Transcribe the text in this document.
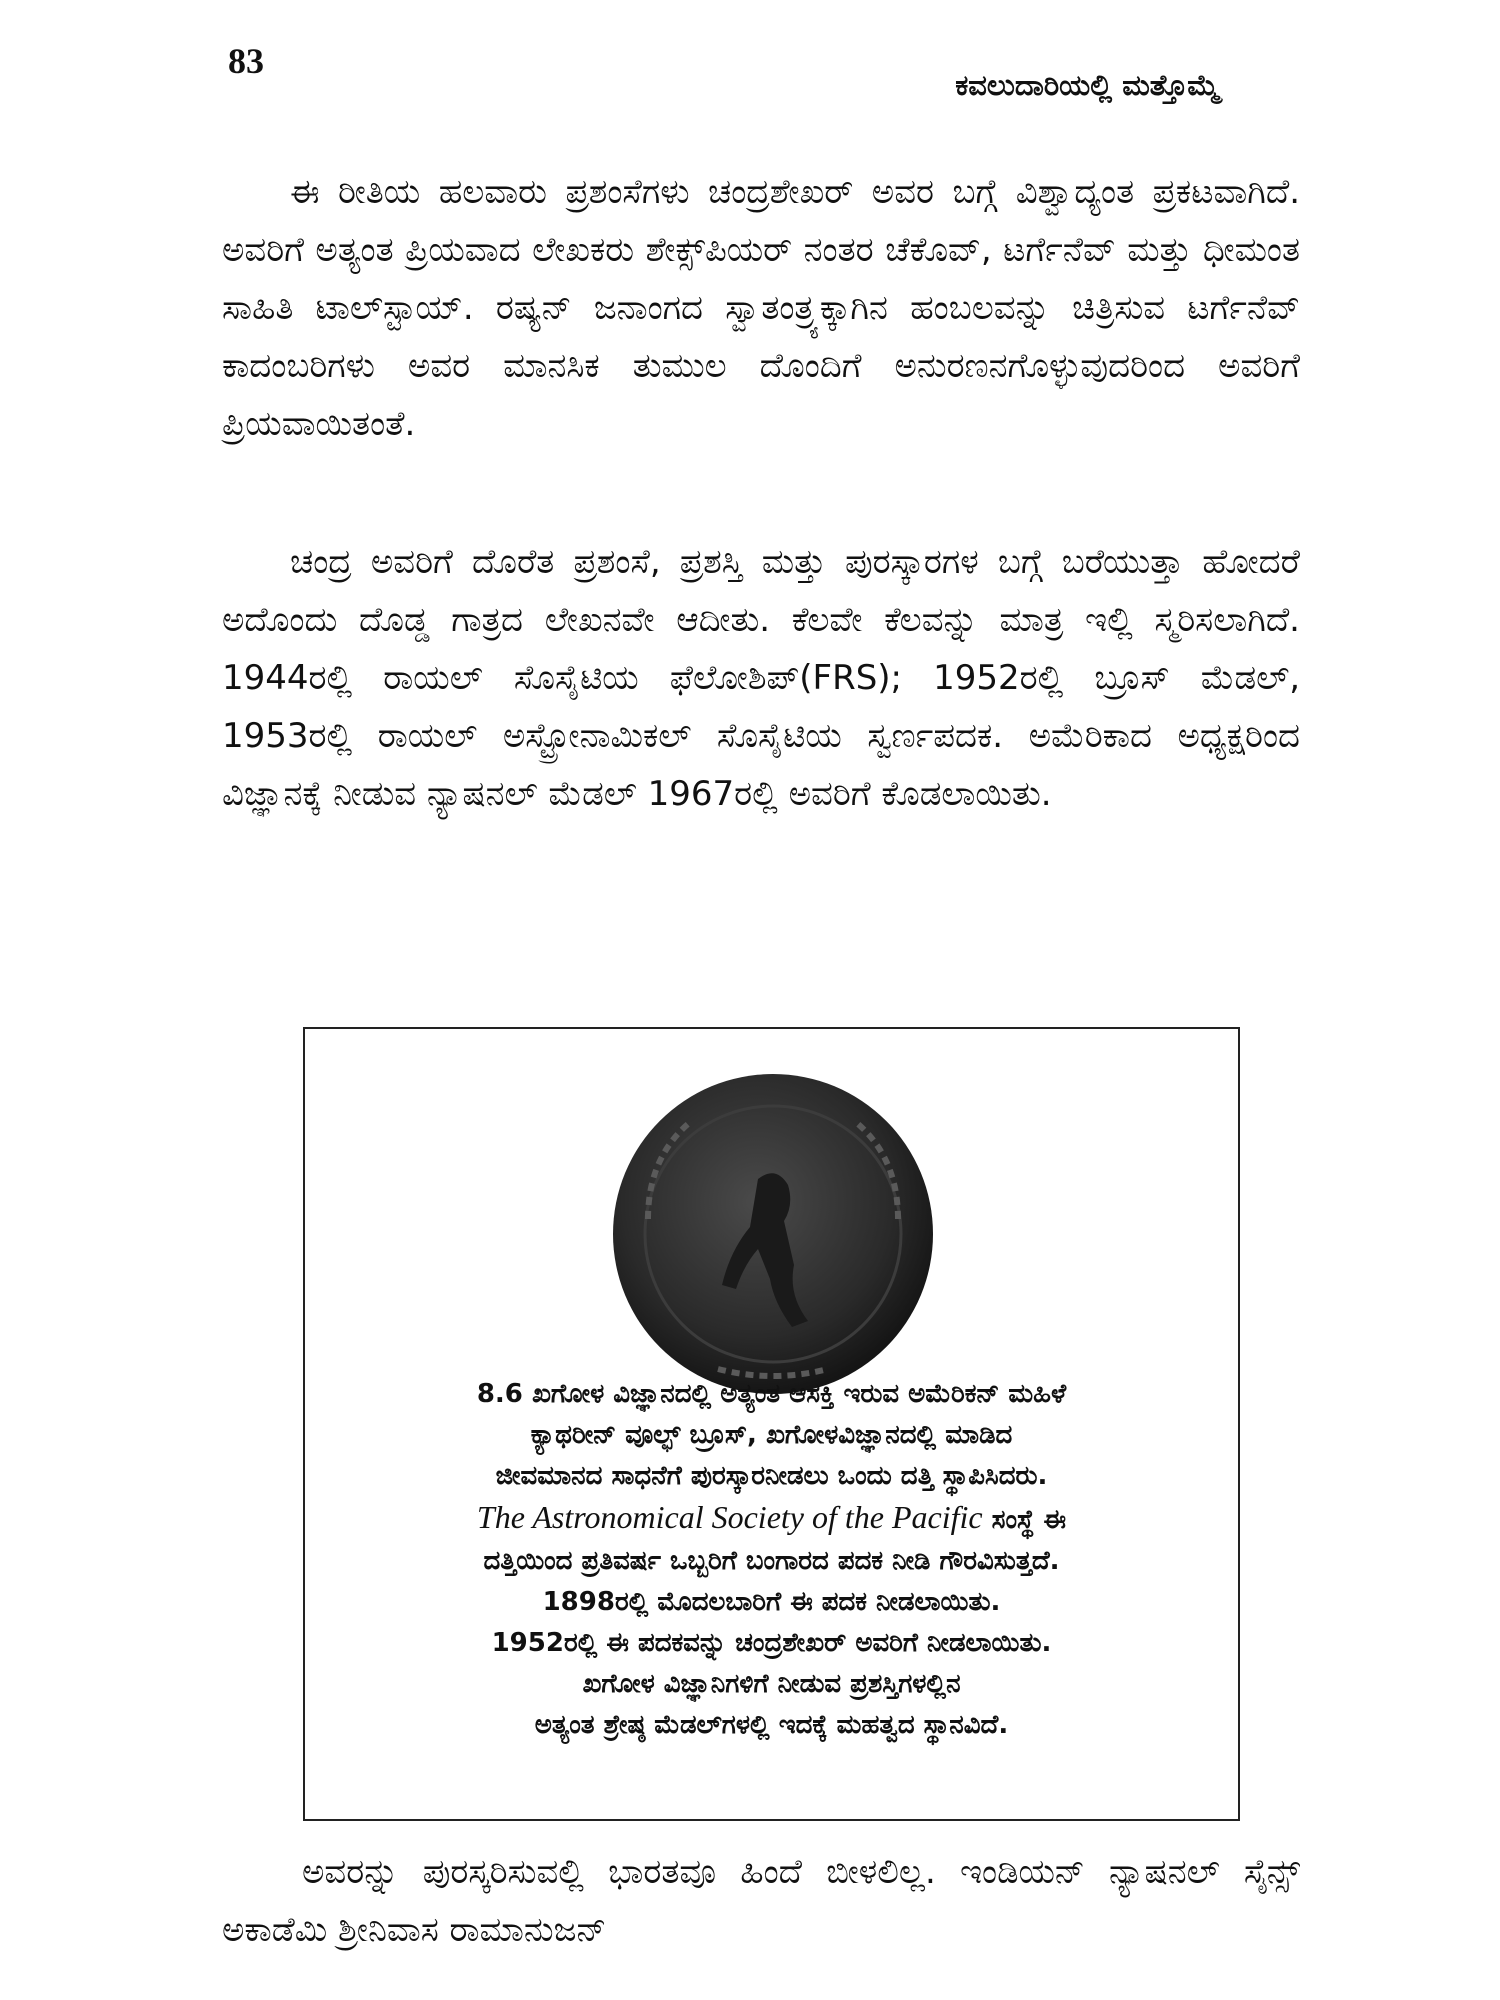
83
ಕವಲುದಾರಿಯಲ್ಲಿ ಮತ್ತೊಮ್ಮೆ

ಈ ರೀತಿಯ ಹಲವಾರು ಪ್ರಶಂಸೆಗಳು ಚಂದ್ರಶೇಖರ್ ಅವರ ಬಗ್ಗೆ ವಿಶ್ವಾದ್ಯಂತ ಪ್ರಕಟವಾಗಿದೆ. ಅವರಿಗೆ ಅತ್ಯಂತ ಪ್ರಿಯವಾದ ಲೇಖಕರು ಶೇಕ್ಸ್‌ಪಿಯರ್ ನಂತರ ಚೆಕೊವ್, ಟರ್ಗೆನೆವ್ ಮತ್ತು ಧೀಮಂತ ಸಾಹಿತಿ ಟಾಲ್‌ಸ್ಟಾಯ್. ರಷ್ಯನ್ ಜನಾಂಗದ ಸ್ವಾತಂತ್ರ್ಯಕ್ಕಾಗಿನ ಹಂಬಲವನ್ನು ಚಿತ್ರಿಸುವ ಟರ್ಗೆನೆವ್ ಕಾದಂಬರಿಗಳು ಅವರ ಮಾನಸಿಕ ತುಮುಲ ದೊಂದಿಗೆ ಅನುರಣನಗೊಳ್ಳುವುದರಿಂದ ಅವರಿಗೆ ಪ್ರಿಯವಾಯಿತಂತೆ.

ಚಂದ್ರ ಅವರಿಗೆ ದೊರೆತ ಪ್ರಶಂಸೆ, ಪ್ರಶಸ್ತಿ ಮತ್ತು ಪುರಸ್ಕಾರಗಳ ಬಗ್ಗೆ ಬರೆಯುತ್ತಾ ಹೋದರೆ ಅದೊಂದು ದೊಡ್ಡ ಗಾತ್ರದ ಲೇಖನವೇ ಆದೀತು. ಕೆಲವೇ ಕೆಲವನ್ನು ಮಾತ್ರ ಇಲ್ಲಿ ಸ್ಮರಿಸಲಾಗಿದೆ. 1944ರಲ್ಲಿ ರಾಯಲ್ ಸೊಸೈಟಿಯ ಫೆಲೋಶಿಪ್(FRS); 1952ರಲ್ಲಿ ಬ್ರೂಸ್ ಮೆಡಲ್, 1953ರಲ್ಲಿ ರಾಯಲ್ ಅಸ್ಟ್ರೋನಾಮಿಕಲ್ ಸೊಸೈಟಿಯ ಸ್ವರ್ಣಪದಕ. ಅಮೆರಿಕಾದ ಅಧ್ಯಕ್ಷರಿಂದ ವಿಜ್ಞಾನಕ್ಕೆ ನೀಡುವ ನ್ಯಾಷನಲ್ ಮೆಡಲ್ 1967ರಲ್ಲಿ ಅವರಿಗೆ ಕೊಡಲಾಯಿತು.

8.6 ಖಗೋಳ ವಿಜ್ಞಾನದಲ್ಲಿ ಅತ್ಯಂತ ಆಸಕ್ತಿ ಇರುವ ಅಮೆರಿಕನ್ ಮಹಿಳೆ
ಕ್ಯಾಥರೀನ್ ವೂಲ್ಫ್ ಬ್ರೂಸ್, ಖಗೋಳವಿಜ್ಞಾನದಲ್ಲಿ ಮಾಡಿದ
ಜೀವಮಾನದ ಸಾಧನೆಗೆ ಪುರಸ್ಕಾರನೀಡಲು ಒಂದು ದತ್ತಿ ಸ್ಥಾಪಿಸಿದರು.
The Astronomical Society of the Pacific ಸಂಸ್ಥೆ ಈ
ದತ್ತಿಯಿಂದ ಪ್ರತಿವರ್ಷ ಒಬ್ಬರಿಗೆ ಬಂಗಾರದ ಪದಕ ನೀಡಿ ಗೌರವಿಸುತ್ತದೆ.
1898ರಲ್ಲಿ ಮೊದಲಬಾರಿಗೆ ಈ ಪದಕ ನೀಡಲಾಯಿತು.
1952ರಲ್ಲಿ ಈ ಪದಕವನ್ನು ಚಂದ್ರಶೇಖರ್ ಅವರಿಗೆ ನೀಡಲಾಯಿತು.
ಖಗೋಳ ವಿಜ್ಞಾನಿಗಳಿಗೆ ನೀಡುವ ಪ್ರಶಸ್ತಿಗಳಲ್ಲಿನ
ಅತ್ಯಂತ ಶ್ರೇಷ್ಠ ಮೆಡಲ್‌ಗಳಲ್ಲಿ ಇದಕ್ಕೆ ಮಹತ್ವದ ಸ್ಥಾನವಿದೆ.

ಅವರನ್ನು ಪುರಸ್ಕರಿಸುವಲ್ಲಿ ಭಾರತವೂ ಹಿಂದೆ ಬೀಳಲಿಲ್ಲ. ಇಂಡಿಯನ್ ನ್ಯಾಷನಲ್ ಸೈನ್ಸ್ ಅಕಾಡೆಮಿ ಶ್ರೀನಿವಾಸ ರಾಮಾನುಜನ್
